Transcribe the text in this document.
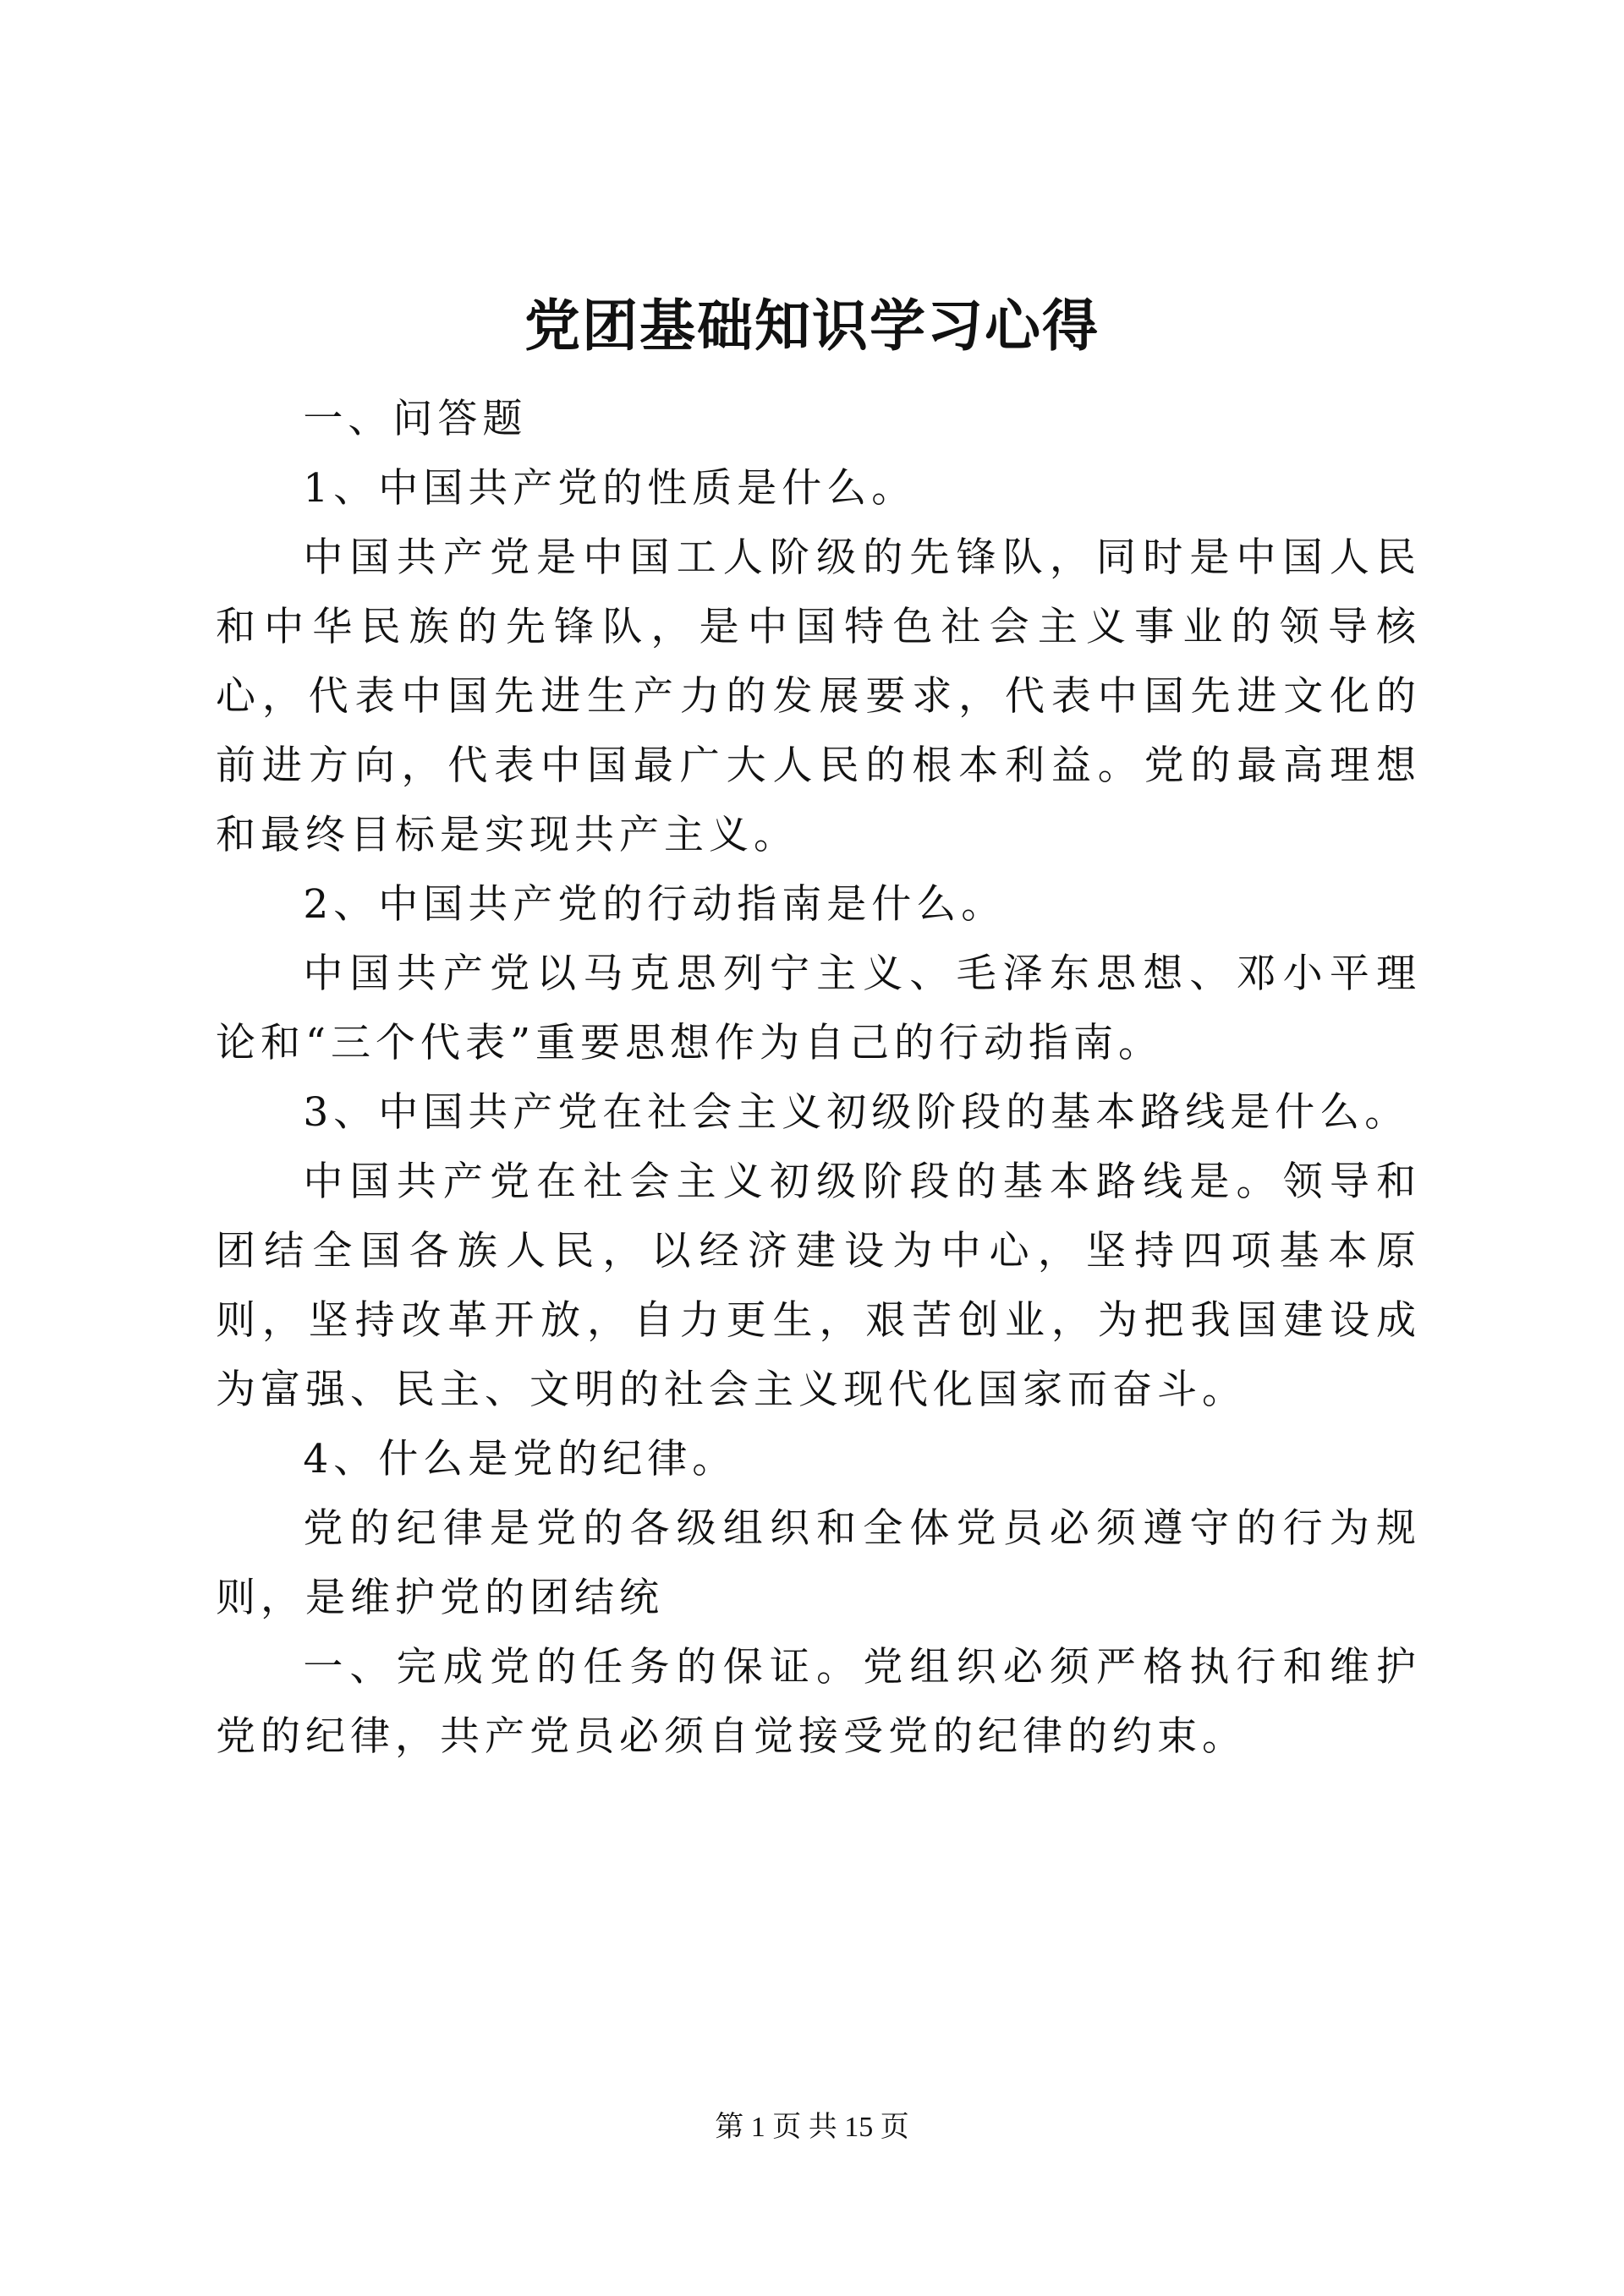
党团基础知识学习心得

一、问答题

1、中国共产党的性质是什么。

中国共产党是中国工人阶级的先锋队，同时是中国人民和中华民族的先锋队，是中国特色社会主义事业的领导核心，代表中国先进生产力的发展要求，代表中国先进文化的前进方向，代表中国最广大人民的根本利益。党的最高理想和最终目标是实现共产主义。

2、中国共产党的行动指南是什么。

中国共产党以马克思列宁主义、毛泽东思想、邓小平理论和“三个代表”重要思想作为自己的行动指南。

3、中国共产党在社会主义初级阶段的基本路线是什么。

中国共产党在社会主义初级阶段的基本路线是。领导和团结全国各族人民，以经济建设为中心，坚持四项基本原则，坚持改革开放，自力更生，艰苦创业，为把我国建设成为富强、民主、文明的社会主义现代化国家而奋斗。

4、什么是党的纪律。

党的纪律是党的各级组织和全体党员必须遵守的行为规则，是维护党的团结统

一、完成党的任务的保证。党组织必须严格执行和维护党的纪律，共产党员必须自觉接受党的纪律的约束。

第 1 页 共 15 页
